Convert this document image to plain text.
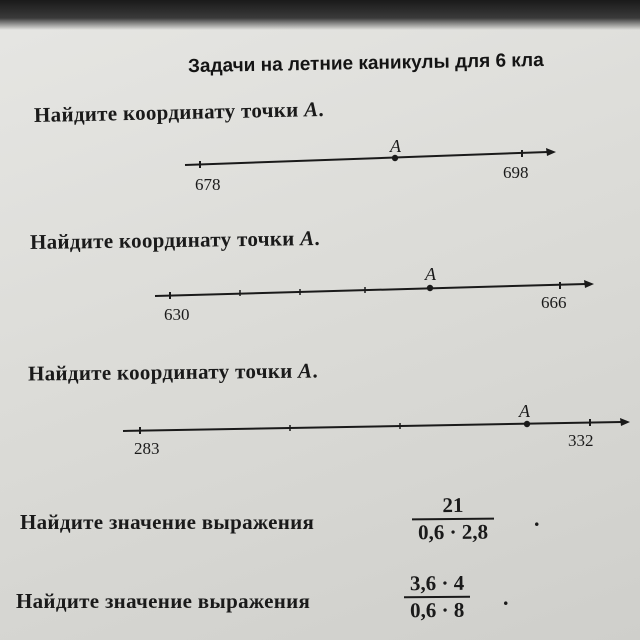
Задачи на летние каникулы для 6 кла
Найдите координату точки A.
678
698
A
Найдите координату точки A.
630
666
A
Найдите координату точки A.
283	332
A
Найдите значение выражения
21
0,6 · 2,8
.
Найдите значение выражения
3,6 · 4
0,6 · 8 .
